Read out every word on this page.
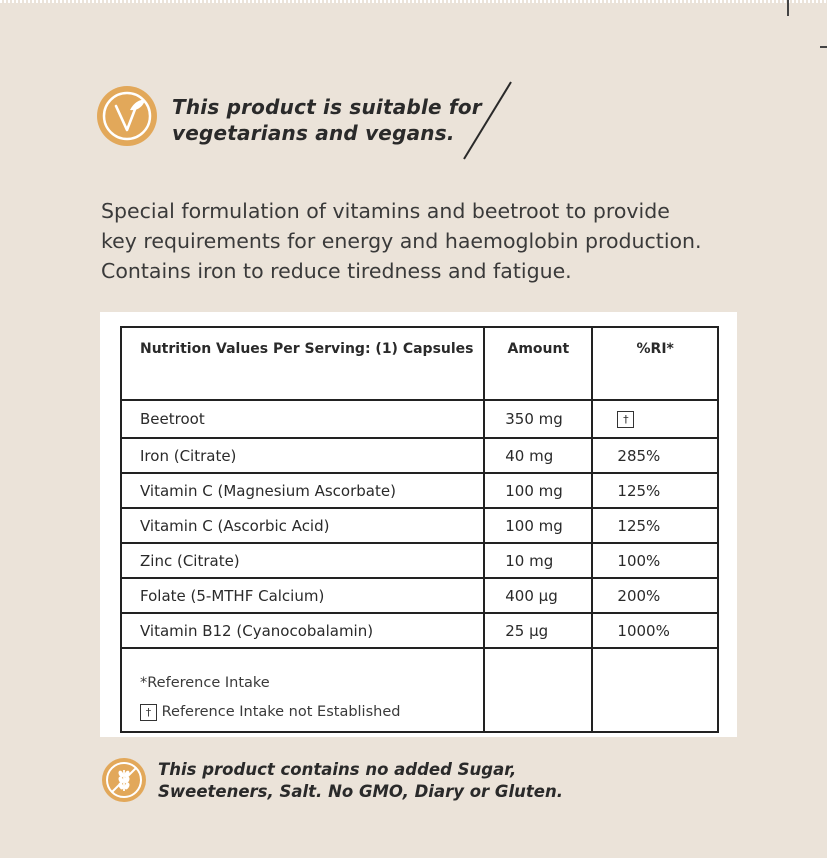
This product is suitable for
vegetarians and vegans.

Special formulation of vitamins and beetroot to provide

key requirements for energy and haemoglobin production.

Contains iron to reduce tiredness and fatigue.

Nutrition Values Per Serving: (1) Capsules	Amount	%RI*
Beetroot	350 mg	†
Iron (Citrate)	40 mg	285%
Vitamin C (Magnesium Ascorbate)	100 mg	125%
Vitamin C (Ascorbic Acid)	100 mg	125%
Zinc (Citrate)	10 mg	100%
Folate (5-MTHF Calcium)	400 µg	200%
Vitamin B12 (Cyanocobalamin)	25 µg	1000%

*Reference Intake
† Reference Intake not Established		

This product contains no added Sugar,
Sweeteners, Salt. No GMO, Diary or Gluten.
